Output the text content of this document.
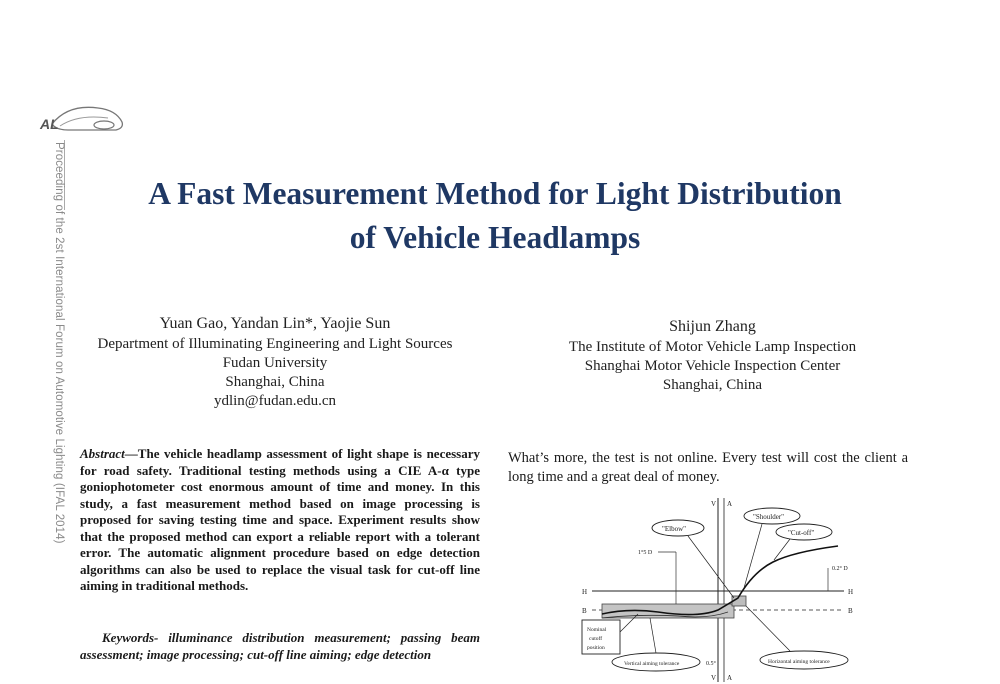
AL
Proceeding of the 2st International Forum on Automotive Lighting (IFAL 2014)	A Fast Measurement Method for Light Distribution
of Vehicle Headlamps
Yuan Gao, Yandan Lin*, Yaojie Sun
Department of Illuminating Engineering and Light Sources
Fudan University
Shanghai, China
ydlin@fudan.edu.cn
Shijun Zhang
The Institute of Motor Vehicle Lamp Inspection
Shanghai Motor Vehicle Inspection Center
Shanghai, China
Abstract—The vehicle headlamp assessment of light shape is necessary for road safety. Traditional testing methods using a CIE A-α type goniophotometer cost enormous amount of time and money. In this study, a fast measurement method based on image processing is proposed for saving testing time and space. Experiment results show that the proposed method can export a reliable report with a tolerant error. The automatic alignment procedure based on edge detection algorithms can also be used to replace the visual task for cut-off line aiming in traditional methods.
Keywords- illuminance distribution measurement; passing beam assessment; image processing; cut-off line aiming; edge detection
What’s more, the test is not online. Every test will cost the client a long time and a great deal of money.
V A
V A
H	H
B	B
1°5 D
0.2° D
"Elbow"
"Shoulder"
"Cut-off"
Nominal
cutoff
position
Vertical aiming tolerance	0.5°	Horizontal aiming tolerance
